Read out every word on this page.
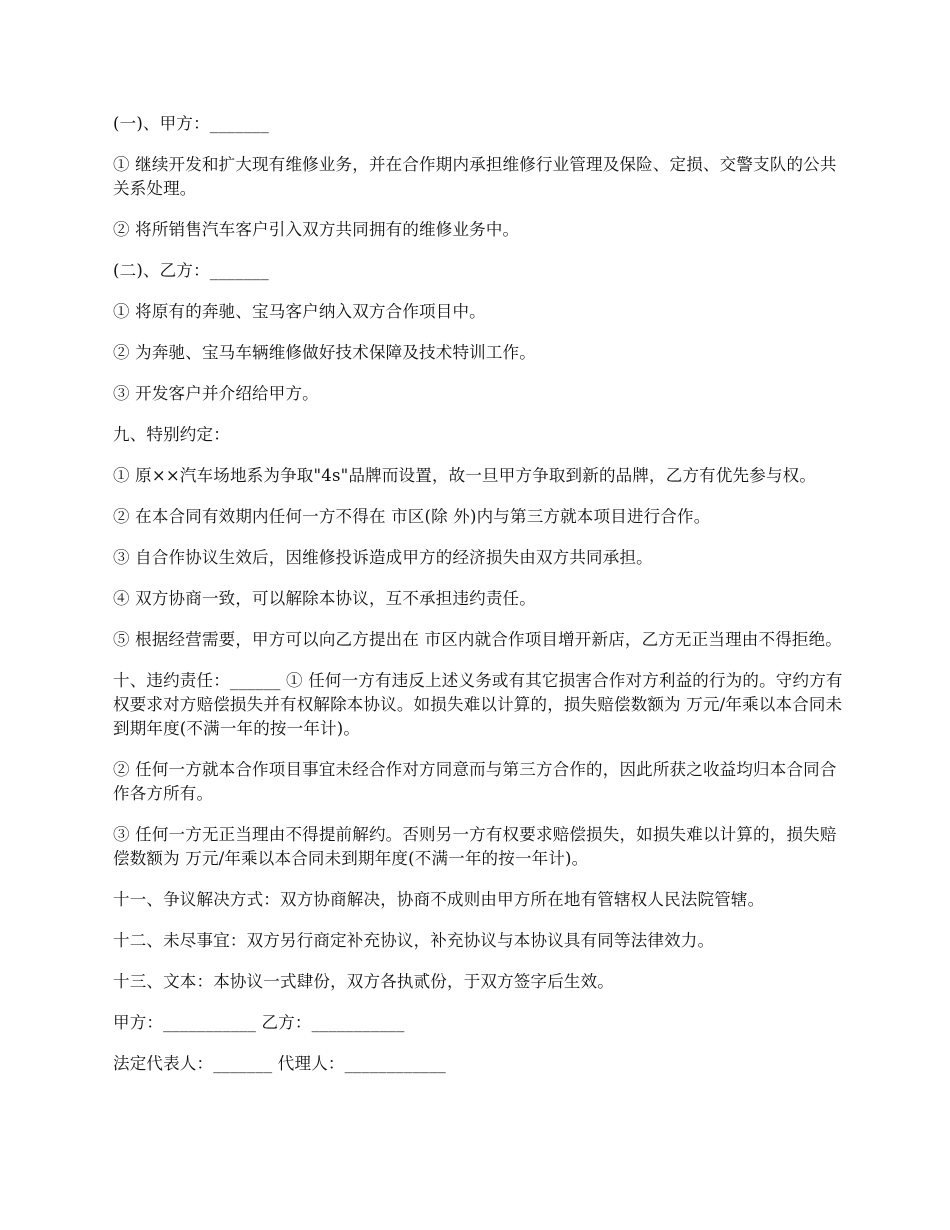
(一)、甲方：_______

① 继续开发和扩大现有维修业务，并在合作期内承担维修行业管理及保险、定损、交警支队的公共关系处理。

② 将所销售汽车客户引入双方共同拥有的维修业务中。

(二)、乙方：_______

① 将原有的奔驰、宝马客户纳入双方合作项目中。

② 为奔驰、宝马车辆维修做好技术保障及技术特训工作。

③ 开发客户并介绍给甲方。

九、特别约定：

① 原××汽车场地系为争取"4s"品牌而设置，故一旦甲方争取到新的品牌，乙方有优先参与权。

② 在本合同有效期内任何一方不得在 市区(除 外)内与第三方就本项目进行合作。

③ 自合作协议生效后，因维修投诉造成甲方的经济损失由双方共同承担。

④ 双方协商一致，可以解除本协议，互不承担违约责任。

⑤ 根据经营需要，甲方可以向乙方提出在 市区内就合作项目增开新店，乙方无正当理由不得拒绝。

十、违约责任：______ ① 任何一方有违反上述义务或有其它损害合作对方利益的行为的。守约方有权要求对方赔偿损失并有权解除本协议。如损失难以计算的，损失赔偿数额为 万元/年乘以本合同未到期年度(不满一年的按一年计)。

② 任何一方就本合作项目事宜未经合作对方同意而与第三方合作的，因此所获之收益均归本合同合作各方所有。

③ 任何一方无正当理由不得提前解约。否则另一方有权要求赔偿损失，如损失难以计算的，损失赔偿数额为 万元/年乘以本合同未到期年度(不满一年的按一年计)。

十一、争议解决方式：双方协商解决，协商不成则由甲方所在地有管辖权人民法院管辖。

十二、未尽事宜：双方另行商定补充协议，补充协议与本协议具有同等法律效力。

十三、文本：本协议一式肆份，双方各执贰份，于双方签字后生效。

甲方：___________ 乙方：___________

法定代表人：_______ 代理人：____________
